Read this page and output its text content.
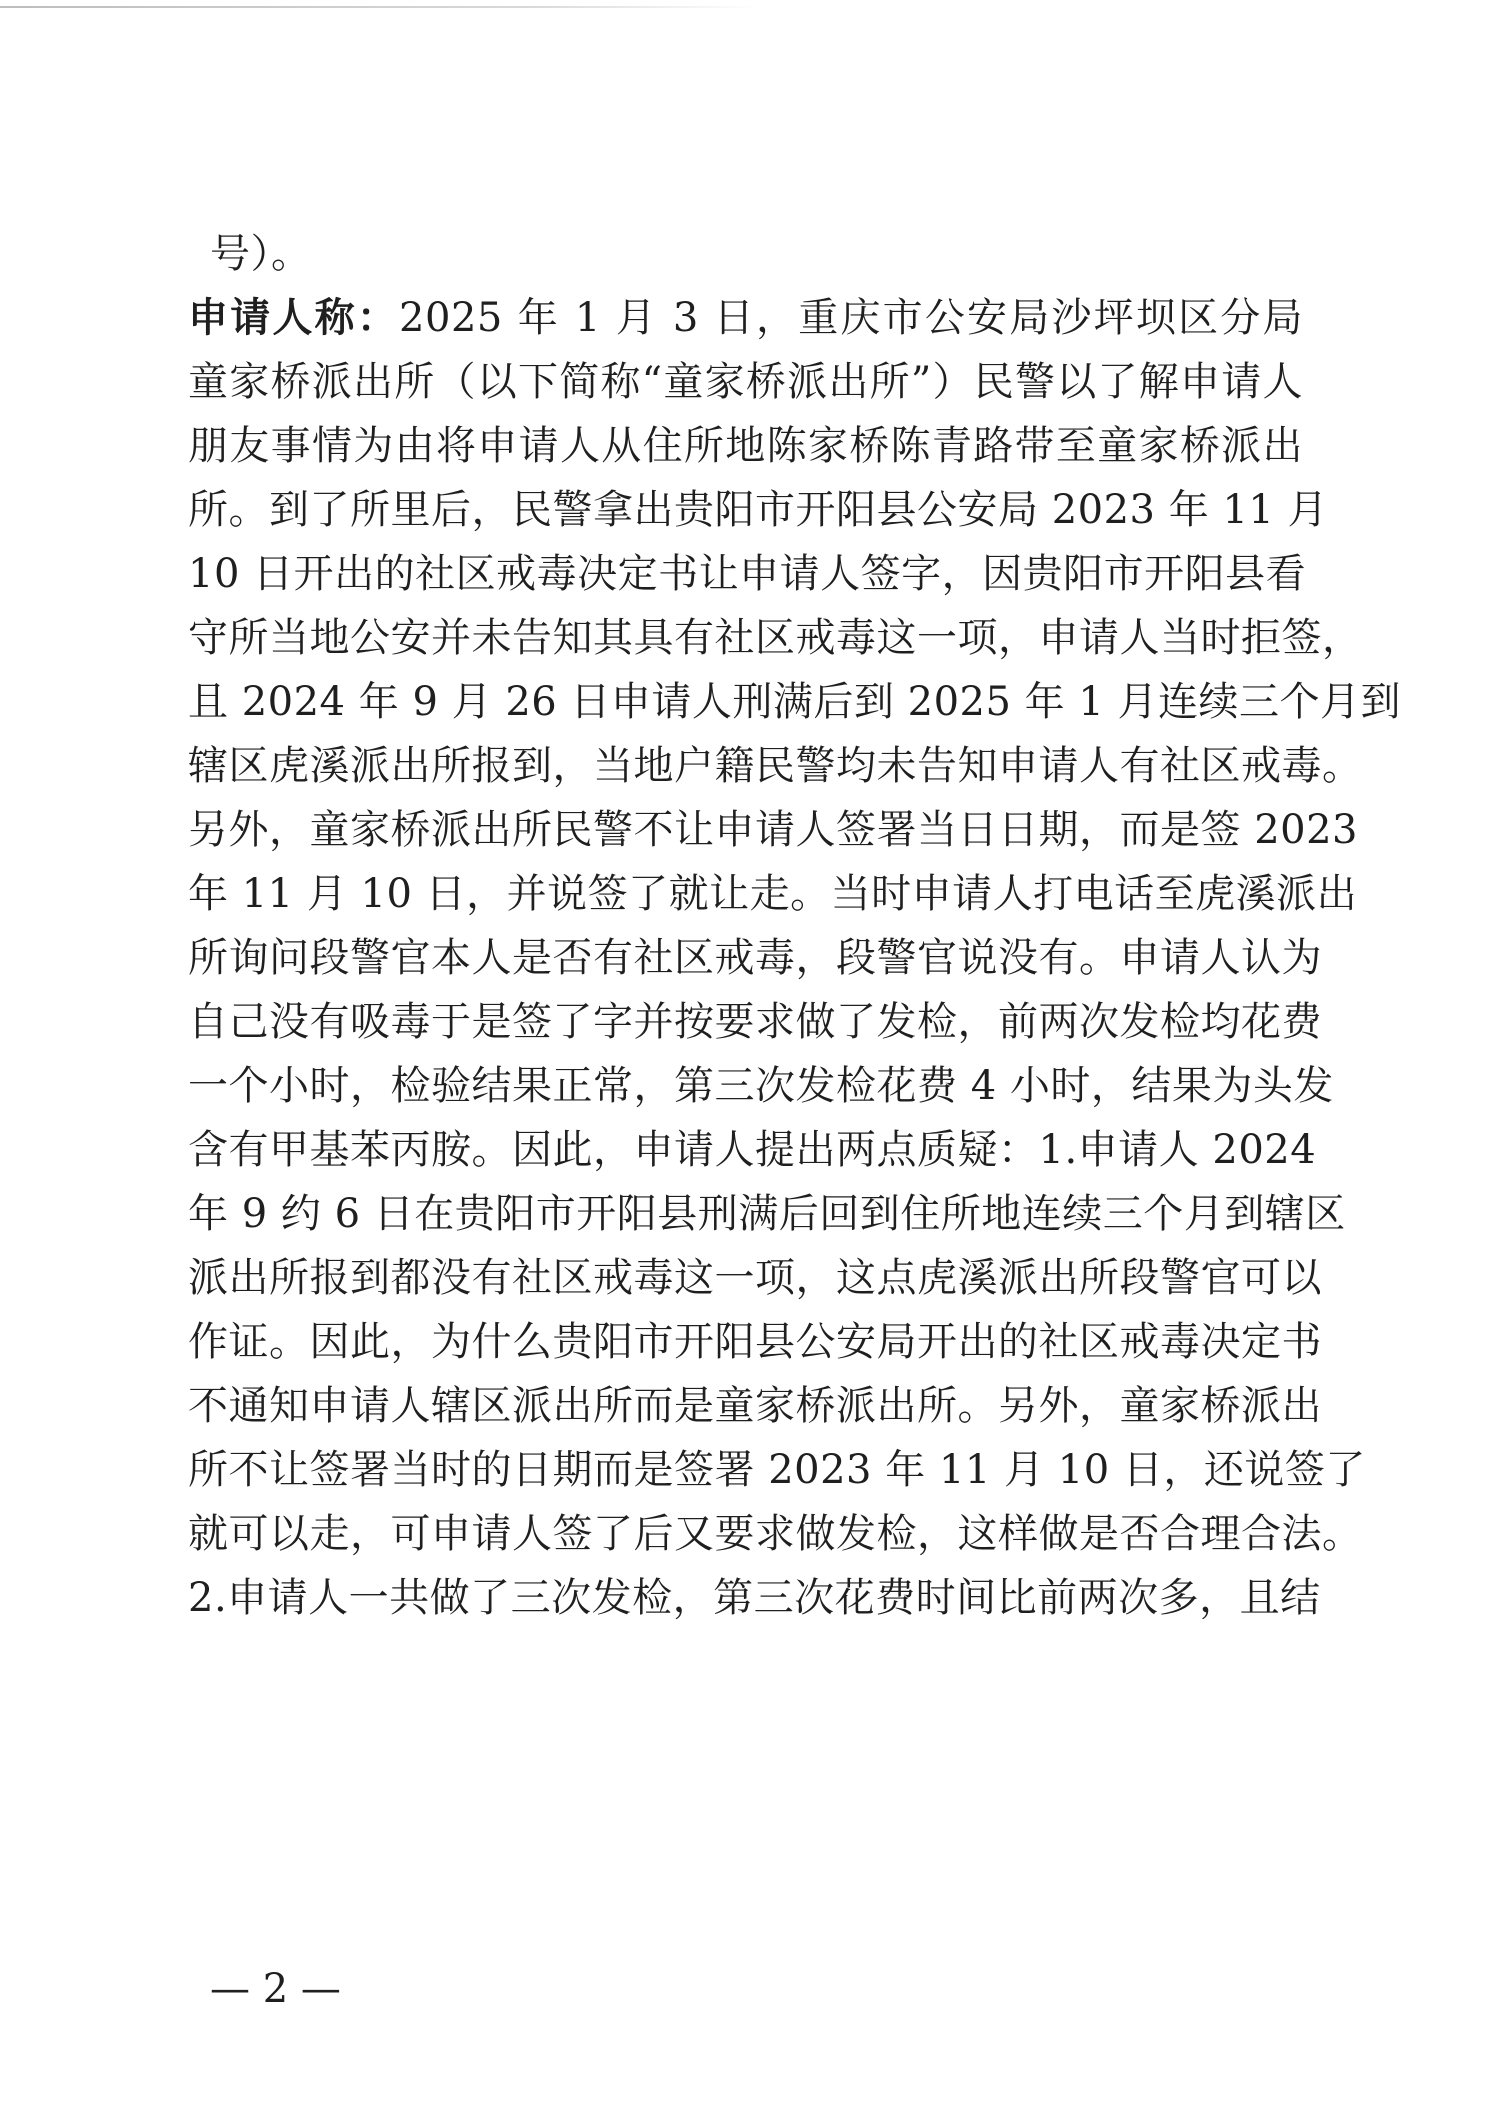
号）。
申请人称：2025 年 1 月 3 日，重庆市公安局沙坪坝区分局
童家桥派出所（以下简称“童家桥派出所”）民警以了解申请人
朋友事情为由将申请人从住所地陈家桥陈青路带至童家桥派出
所。到了所里后，民警拿出贵阳市开阳县公安局 2023 年 11 月
10 日开出的社区戒毒决定书让申请人签字，因贵阳市开阳县看
守所当地公安并未告知其具有社区戒毒这一项，申请人当时拒签，
且 2024 年 9 月 26 日申请人刑满后到 2025 年 1 月连续三个月到
辖区虎溪派出所报到，当地户籍民警均未告知申请人有社区戒毒。
另外，童家桥派出所民警不让申请人签署当日日期，而是签 2023
年 11 月 10 日，并说签了就让走。当时申请人打电话至虎溪派出
所询问段警官本人是否有社区戒毒，段警官说没有。申请人认为
自己没有吸毒于是签了字并按要求做了发检，前两次发检均花费
一个小时，检验结果正常，第三次发检花费 4 小时，结果为头发
含有甲基苯丙胺。因此，申请人提出两点质疑：1.申请人 2024
年 9 约 6 日在贵阳市开阳县刑满后回到住所地连续三个月到辖区
派出所报到都没有社区戒毒这一项，这点虎溪派出所段警官可以
作证。因此，为什么贵阳市开阳县公安局开出的社区戒毒决定书
不通知申请人辖区派出所而是童家桥派出所。另外，童家桥派出
所不让签署当时的日期而是签署 2023 年 11 月 10 日，还说签了
就可以走，可申请人签了后又要求做发检，这样做是否合理合法。
2.申请人一共做了三次发检，第三次花费时间比前两次多，且结
— 2 —
